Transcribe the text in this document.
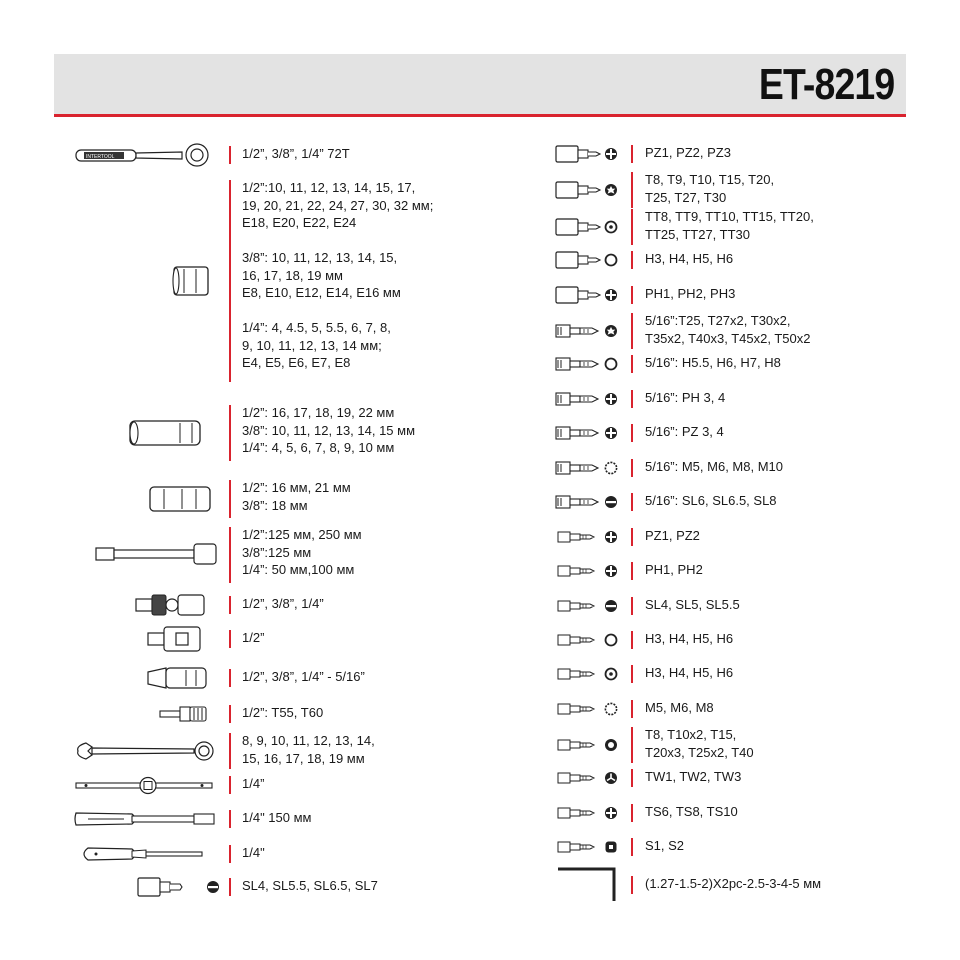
ET-8219
INTERTOOL	1/2”, 3/8”, 1/4” 72T
1/2”:10, 11, 12, 13, 14, 15, 17,
19, 20, 21, 22, 24, 27, 30, 32 мм;
E18, E20, E22, E24

3/8”: 10, 11, 12, 13, 14, 15,
16, 17, 18, 19 мм
E8, E10, E12, E14, E16 мм

1/4”: 4, 4.5, 5, 5.5, 6, 7, 8,
9, 10, 11, 12, 13, 14 мм;
E4, E5, E6, E7, E8
1/2”: 16, 17, 18, 19, 22 мм
3/8”: 10, 11, 12, 13, 14, 15 мм
1/4”: 4, 5, 6, 7, 8, 9, 10 мм
1/2”: 16 мм, 21 мм
3/8”: 18 мм
1/2”:125 мм, 250 мм
3/8”:125 мм
1/4”: 50 мм,100 мм
1/2”, 3/8”, 1/4”
1/2”
1/2”, 3/8”, 1/4” - 5/16”
1/2”: T55, T60
8, 9, 10, 11, 12, 13, 14,
15, 16, 17, 18, 19 мм
1/4”
1/4" 150 мм
1/4"
SL4, SL5.5, SL6.5, SL7
PZ1, PZ2, PZ3
T8, T9, T10, T15, T20,
T25, T27, T30
TT8, TT9, TT10, TT15, TT20,
TT25, TT27, TT30
H3, H4, H5, H6
PH1, PH2, PH3
5/16”:T25, T27x2, T30x2,
T35x2, T40x3, T45x2, T50x2
5/16”: H5.5, H6, H7, H8
5/16”: PH 3, 4
5/16”: PZ 3, 4
5/16”: M5, M6, M8, M10
5/16”: SL6, SL6.5, SL8
PZ1, PZ2
PH1, PH2
SL4, SL5, SL5.5
H3, H4, H5, H6
H3, H4, H5, H6
M5, M6, M8
T8, T10x2, T15,
T20x3, T25x2, T40
TW1, TW2, TW3
TS6, TS8, TS10
S1, S2
(1.27-1.5-2)X2pc-2.5-3-4-5 мм
